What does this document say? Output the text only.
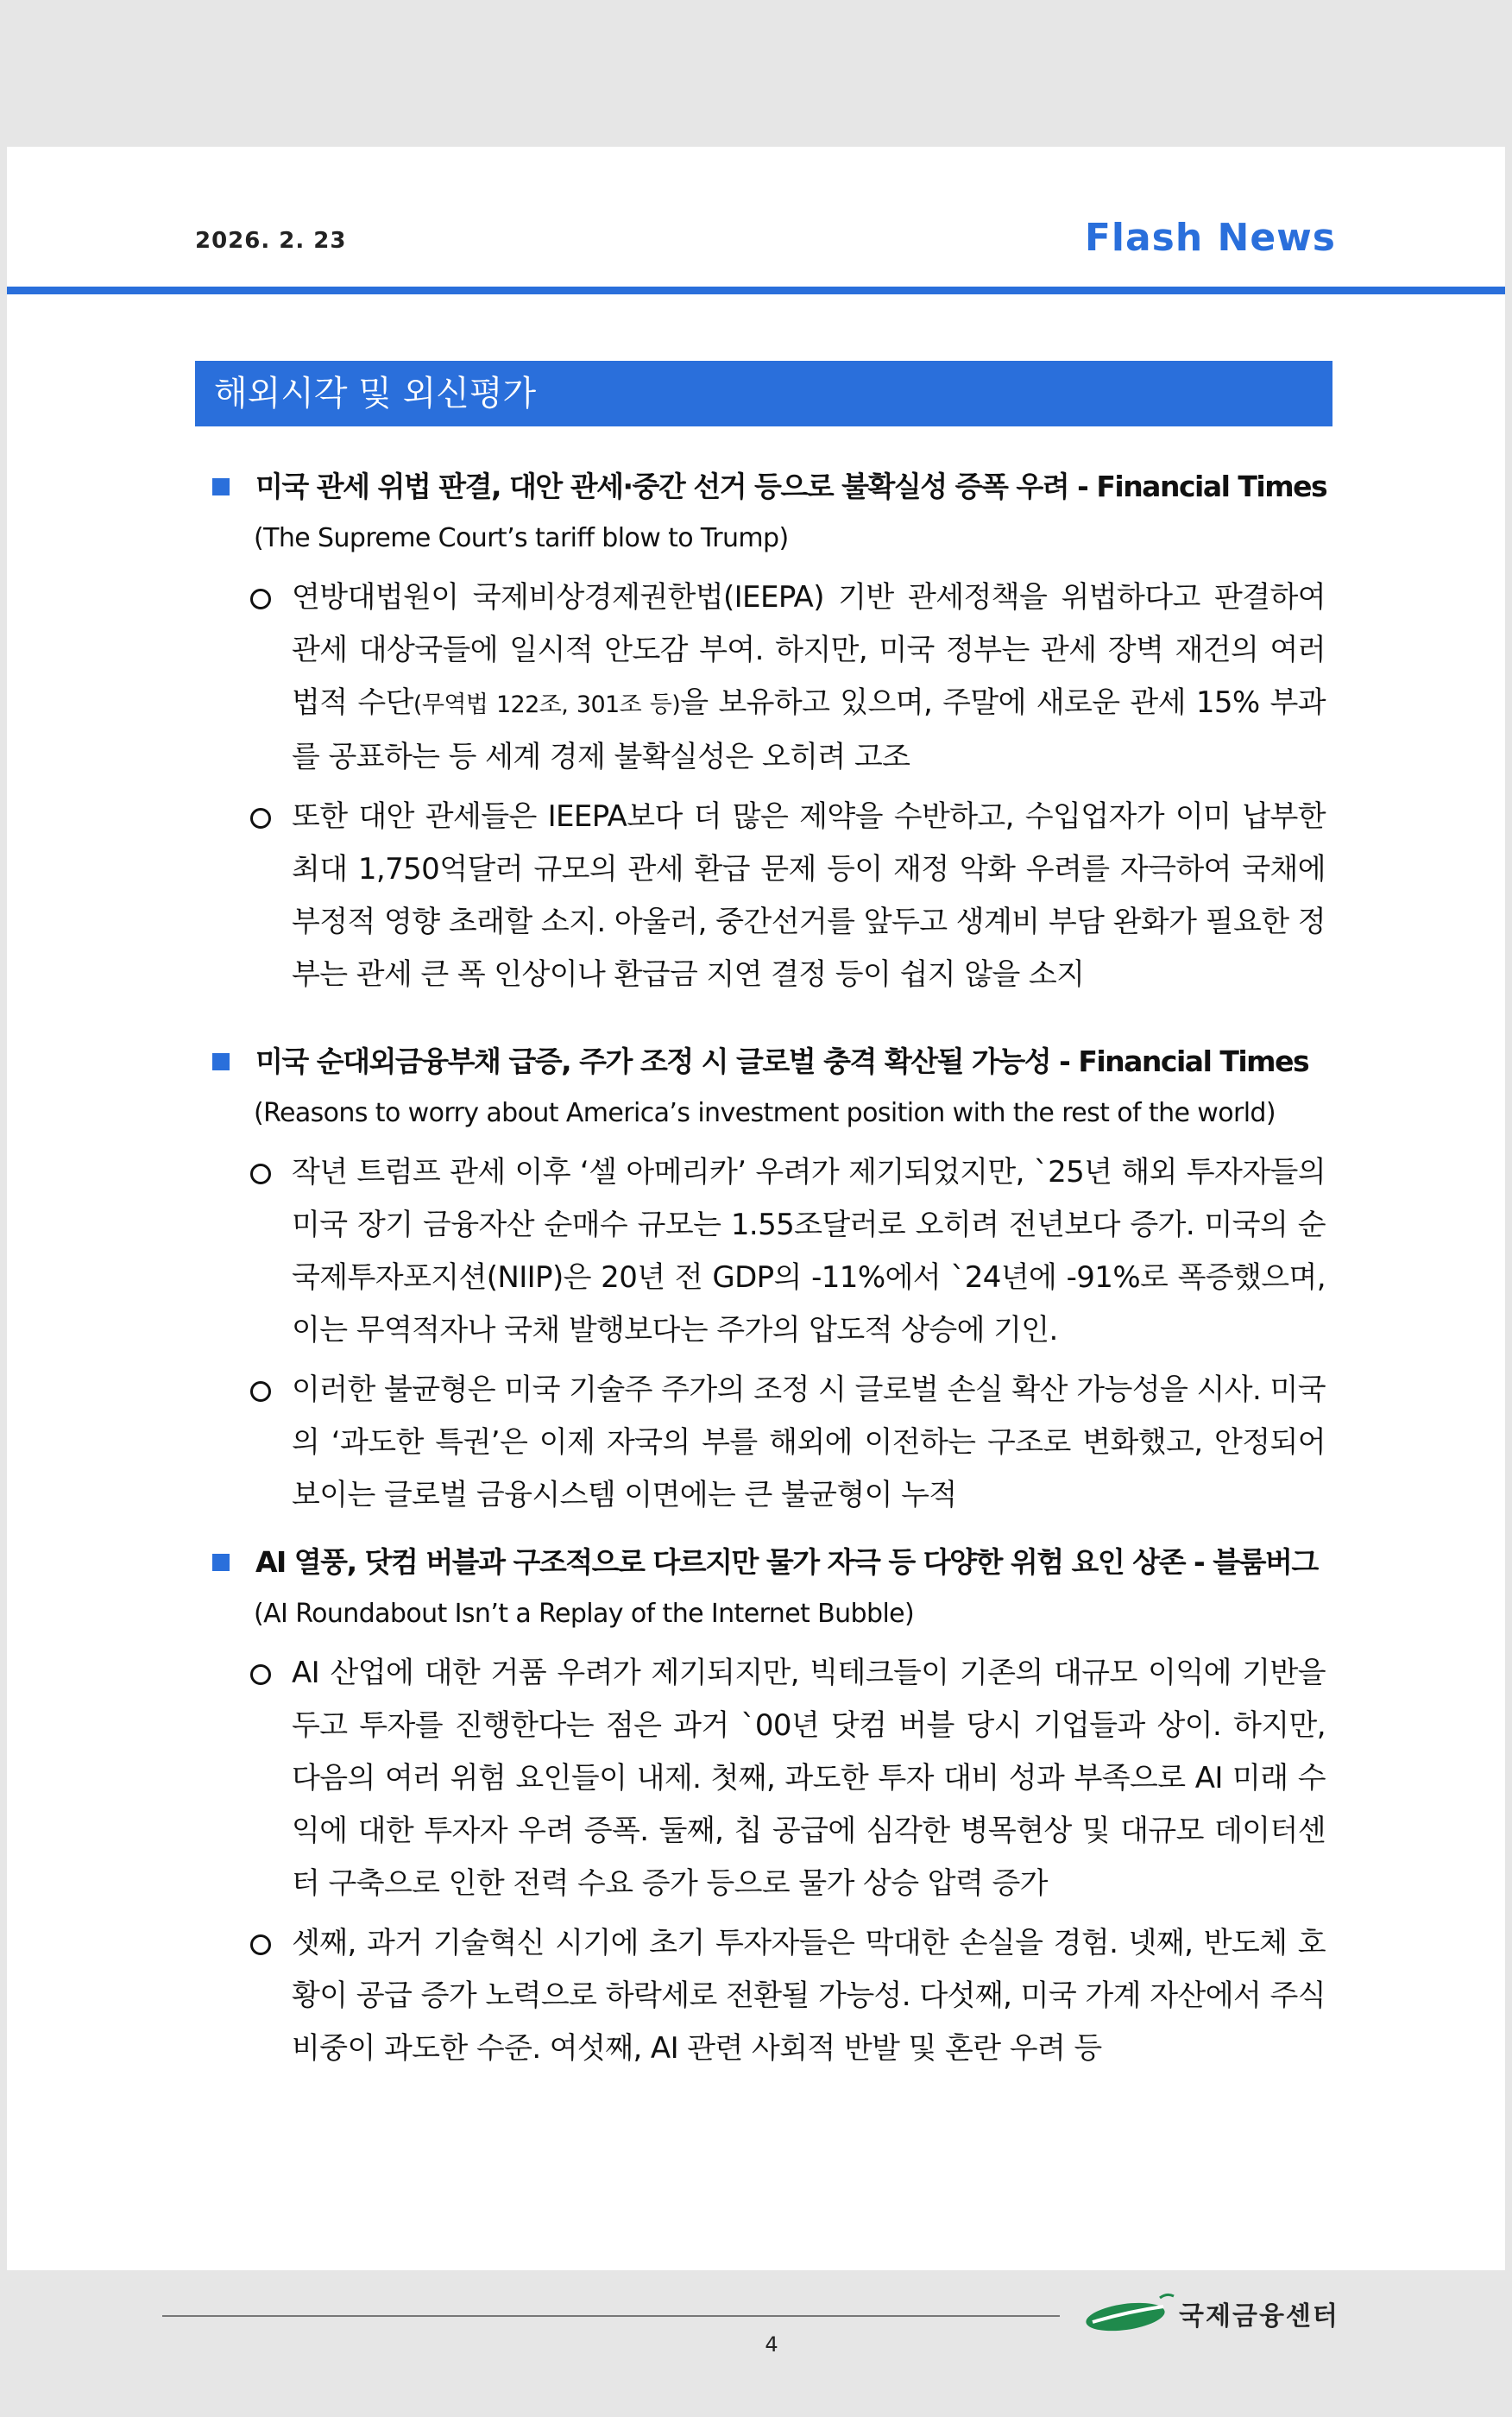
2026. 2. 23	Flash News
해외시각 및 외신평가
미국 관세 위법 판결, 대안 관세·중간 선거 등으로 불확실성 증폭 우려 - Financial Times
(The Supreme Court’s tariff blow to Trump)
연방대법원이 국제비상경제권한법(IEEPA) 기반 관세정책을 위법하다고 판결하여 관세 대상국들에 일시적 안도감 부여. 하지만, 미국 정부는 관세 장벽 재건의 여러 법적 수단(무역법 122조, 301조 등)을 보유하고 있으며, 주말에 새로운 관세 15% 부과를 공표하는 등 세계 경제 불확실성은 오히려 고조
또한 대안 관세들은 IEEPA보다 더 많은 제약을 수반하고, 수입업자가 이미 납부한 최대 1,750억달러 규모의 관세 환급 문제 등이 재정 악화 우려를 자극하여 국채에 부정적 영향 초래할 소지. 아울러, 중간선거를 앞두고 생계비 부담 완화가 필요한 정부는 관세 큰 폭 인상이나 환급금 지연 결정 등이 쉽지 않을 소지
미국 순대외금융부채 급증, 주가 조정 시 글로벌 충격 확산될 가능성 - Financial Times
(Reasons to worry about America’s investment position with the rest of the world)
작년 트럼프 관세 이후 ‘셀 아메리카’ 우려가 제기되었지만, `25년 해외 투자자들의 미국 장기 금융자산 순매수 규모는 1.55조달러로 오히려 전년보다 증가. 미국의 순국제투자포지션(NIIP)은 20년 전 GDP의 -11%에서 `24년에 -91%로 폭증했으며, 이는 무역적자나 국채 발행보다는 주가의 압도적 상승에 기인.
이러한 불균형은 미국 기술주 주가의 조정 시 글로벌 손실 확산 가능성을 시사. 미국의 ‘과도한 특권’은 이제 자국의 부를 해외에 이전하는 구조로 변화했고, 안정되어 보이는 글로벌 금융시스템 이면에는 큰 불균형이 누적
AI 열풍, 닷컴 버블과 구조적으로 다르지만 물가 자극 등 다양한 위험 요인 상존 - 블룸버그
(AI Roundabout Isn’t a Replay of the Internet Bubble)
AI 산업에 대한 거품 우려가 제기되지만, 빅테크들이 기존의 대규모 이익에 기반을 두고 투자를 진행한다는 점은 과거 `00년 닷컴 버블 당시 기업들과 상이. 하지만, 다음의 여러 위험 요인들이 내제. 첫째, 과도한 투자 대비 성과 부족으로 AI 미래 수익에 대한 투자자 우려 증폭. 둘째, 칩 공급에 심각한 병목현상 및 대규모 데이터센터 구축으로 인한 전력 수요 증가 등으로 물가 상승 압력 증가
셋째, 과거 기술혁신 시기에 초기 투자자들은 막대한 손실을 경험. 넷째, 반도체 호황이 공급 증가 노력으로 하락세로 전환될 가능성. 다섯째, 미국 가계 자산에서 주식 비중이 과도한 수준. 여섯째, AI 관련 사회적 반발 및 혼란 우려 등
국제금융센터
4
